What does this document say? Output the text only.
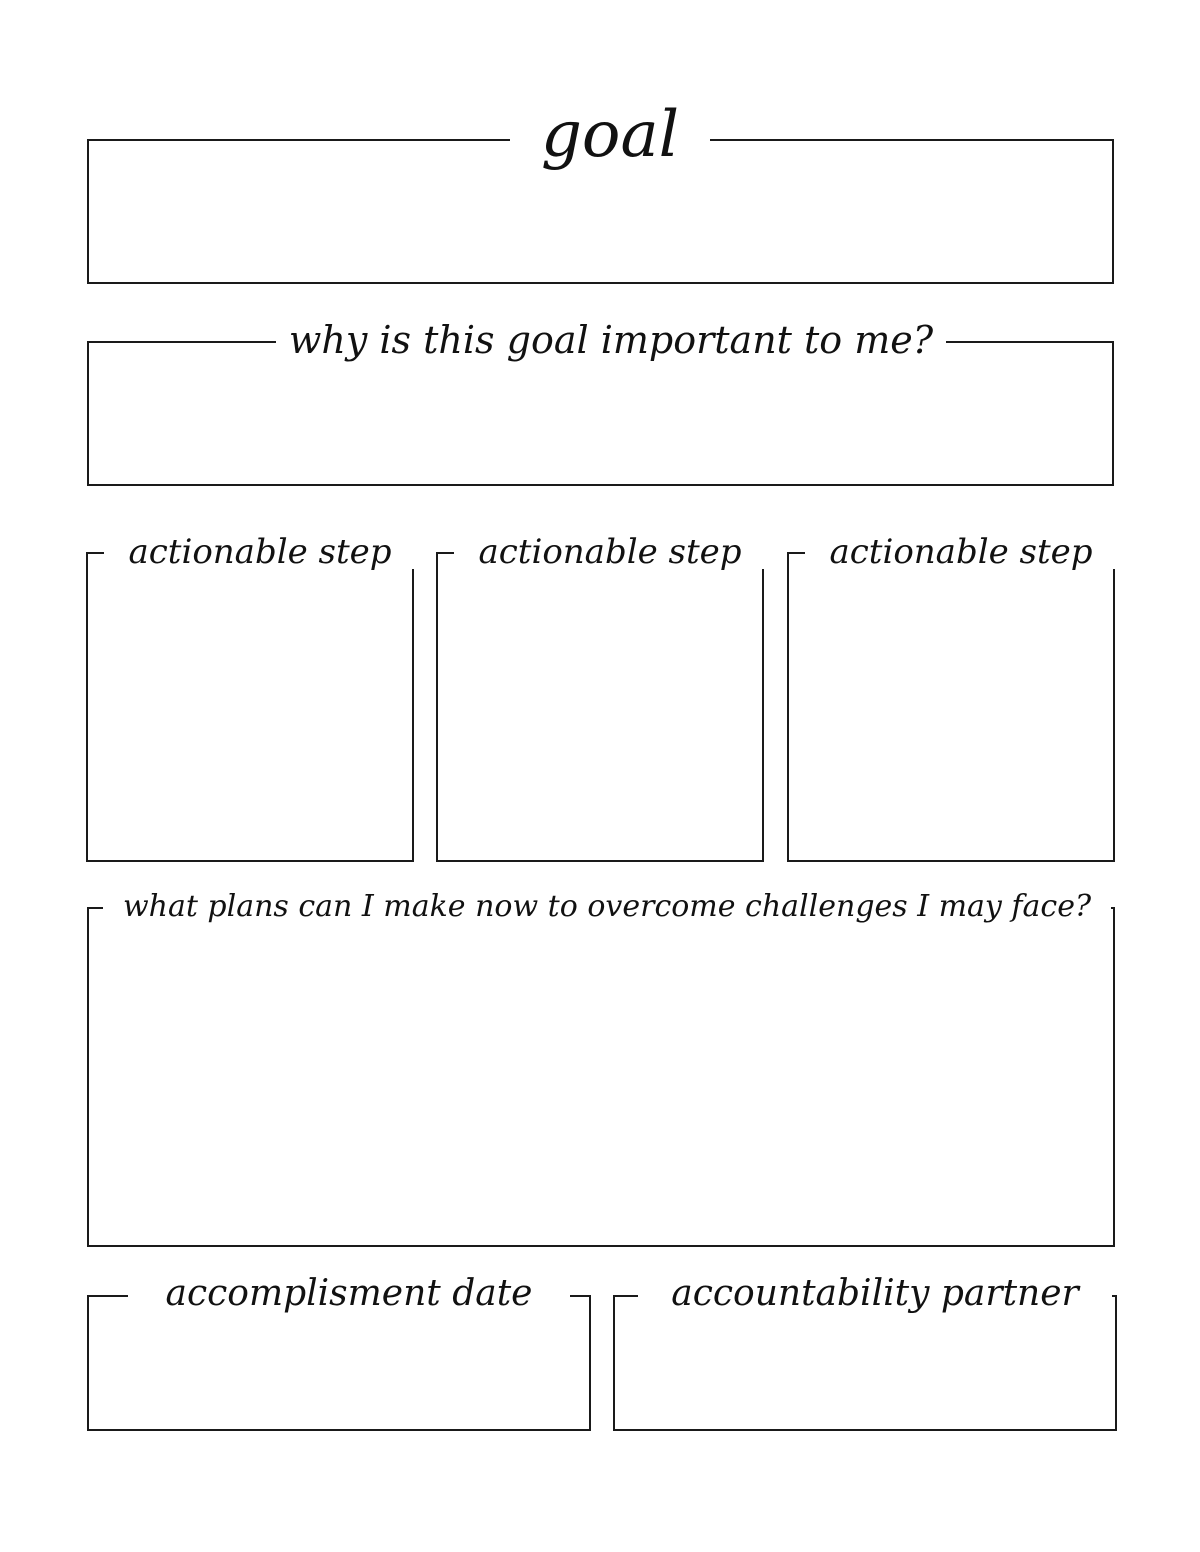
goal
why is this goal important to me?
actionable step	actionable step	actionable step
what plans can I make now to overcome challenges I may face?
accomplisment date	accountability partner
